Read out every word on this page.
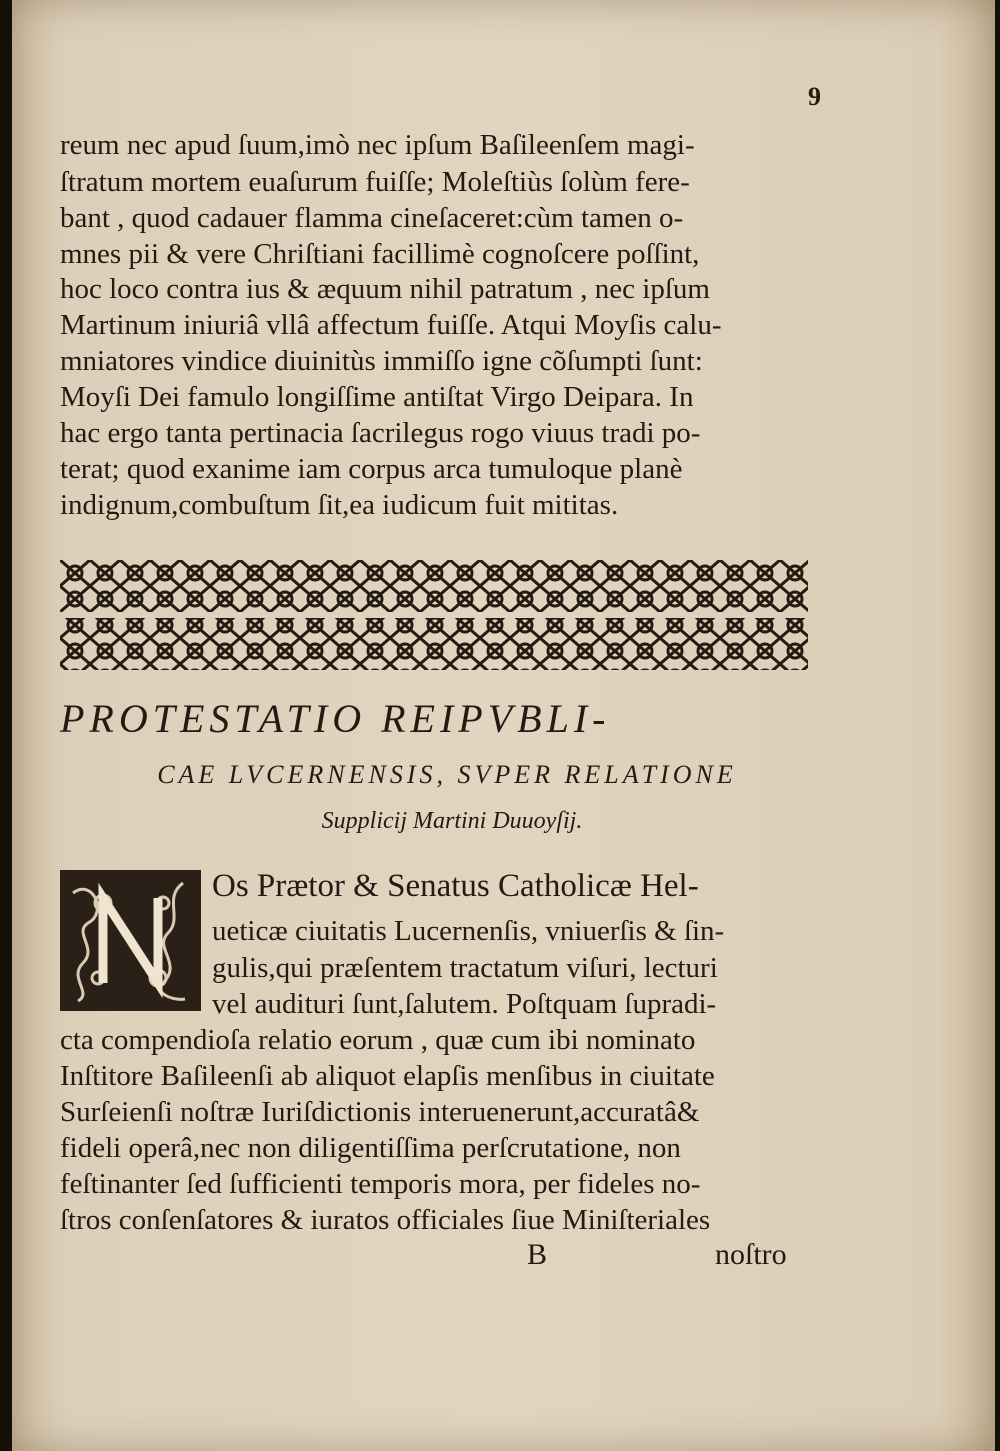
9
reum nec apud ſuum,imò nec ipſum Baſileenſem magi-
ſtratum mortem euaſurum fuiſſe; Moleſtiùs ſolùm fere-
bant , quod cadauer flamma cineſaceret:cùm tamen o-
mnes pii & vere Chriſtiani facillimè cognoſcere poſſint,
hoc loco contra ius & æquum nihil patratum , nec ipſum
Martinum iniuriâ vllâ affectum fuiſſe. Atqui Moyſis calu-
mniatores vindice diuinitùs immiſſo igne cõſumpti ſunt:
Moyſi Dei famulo longiſſime antiſtat Virgo Deipara. In
hac ergo tanta pertinacia ſacrilegus rogo viuus tradi po-
terat; quod exanime iam corpus arca tumuloque planè
indignum,combuſtum ſit,ea iudicum fuit mititas.
PROTESTATIO REIPVBLI-
CAE LVCERNENSIS, SVPER RELATIONE
Supplicij Martini Duuoyſij.
Os Prætor & Senatus Catholicæ Hel-
ueticæ ciuitatis Lucernenſis, vniuerſis & ſin-
gulis,qui præſentem tractatum viſuri, lecturi
vel audituri ſunt,ſalutem. Poſtquam ſupradi-
cta compendioſa relatio eorum , quæ cum ibi nominato
Inſtitore Baſileenſi ab aliquot elapſis menſibus in ciuitate
Surſeienſi noſtræ Iuriſdictionis interuenerunt,accuratâ&
fideli operâ,nec non diligentiſſima perſcrutatione, non
feſtinanter ſed ſufficienti temporis mora, per fideles no-
ſtros conſenſatores & iuratos officiales ſiue Miniſteriales
B	noſtro
